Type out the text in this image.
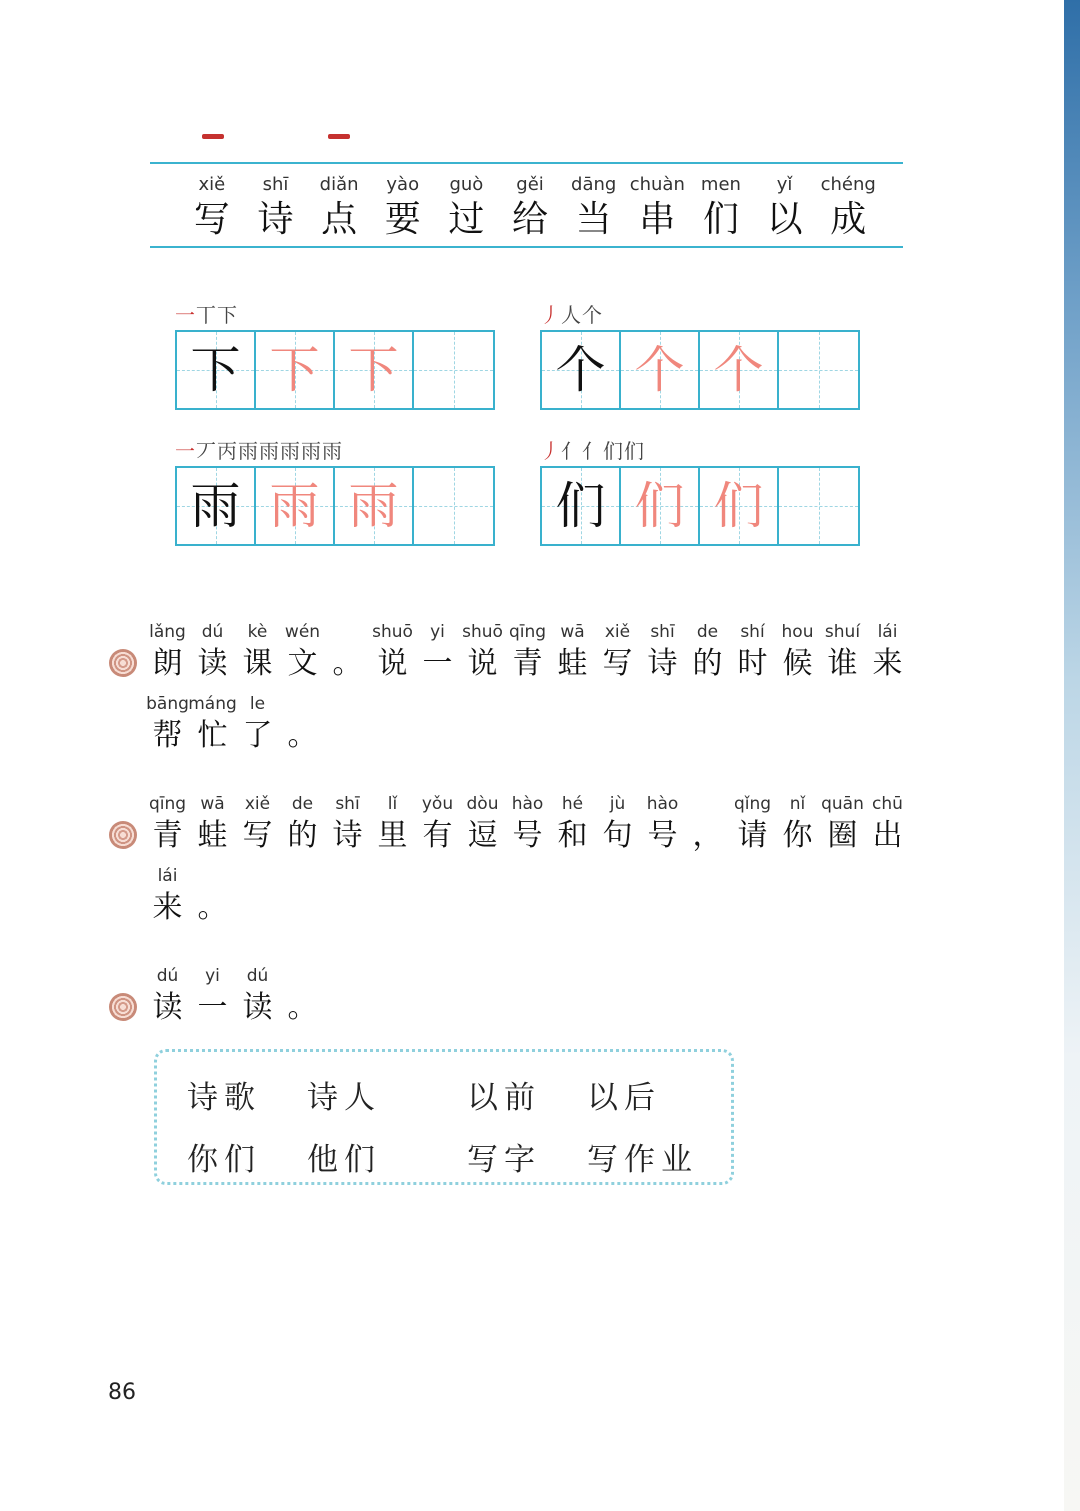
xiě
写
shī
诗
diǎn
点
yào
要
guò
过
gěi
给
dāng
当
chuàn
串
men
们
yǐ
以
chéng
成
一丅下
下 下 下
丿人个
个 个 个
一丆丙雨雨雨雨雨
雨 雨 雨
丿亻亻们们
们 们 们
lǎng
朗
dú
读
kè
课
wén
文 。
shuō
说
yi
一
shuō
说
qīng
青
wā
蛙
xiě
写
shī
诗
de
的
shí
时
hou
候
shuí
谁
lái
来
bāng
帮
máng
忙
le
了 。
qīng
青
wā
蛙
xiě
写
de
的
shī
诗
lǐ
里
yǒu
有
dòu
逗
hào
号
hé
和
jù
句
hào
号 ，
qǐng
请
nǐ
你
quān
圈
chū
出
lái
来 。
dú
读
yi
一
dú
读 。
诗歌 诗人	以前 以后
你们 他们	写字 写作业
86
